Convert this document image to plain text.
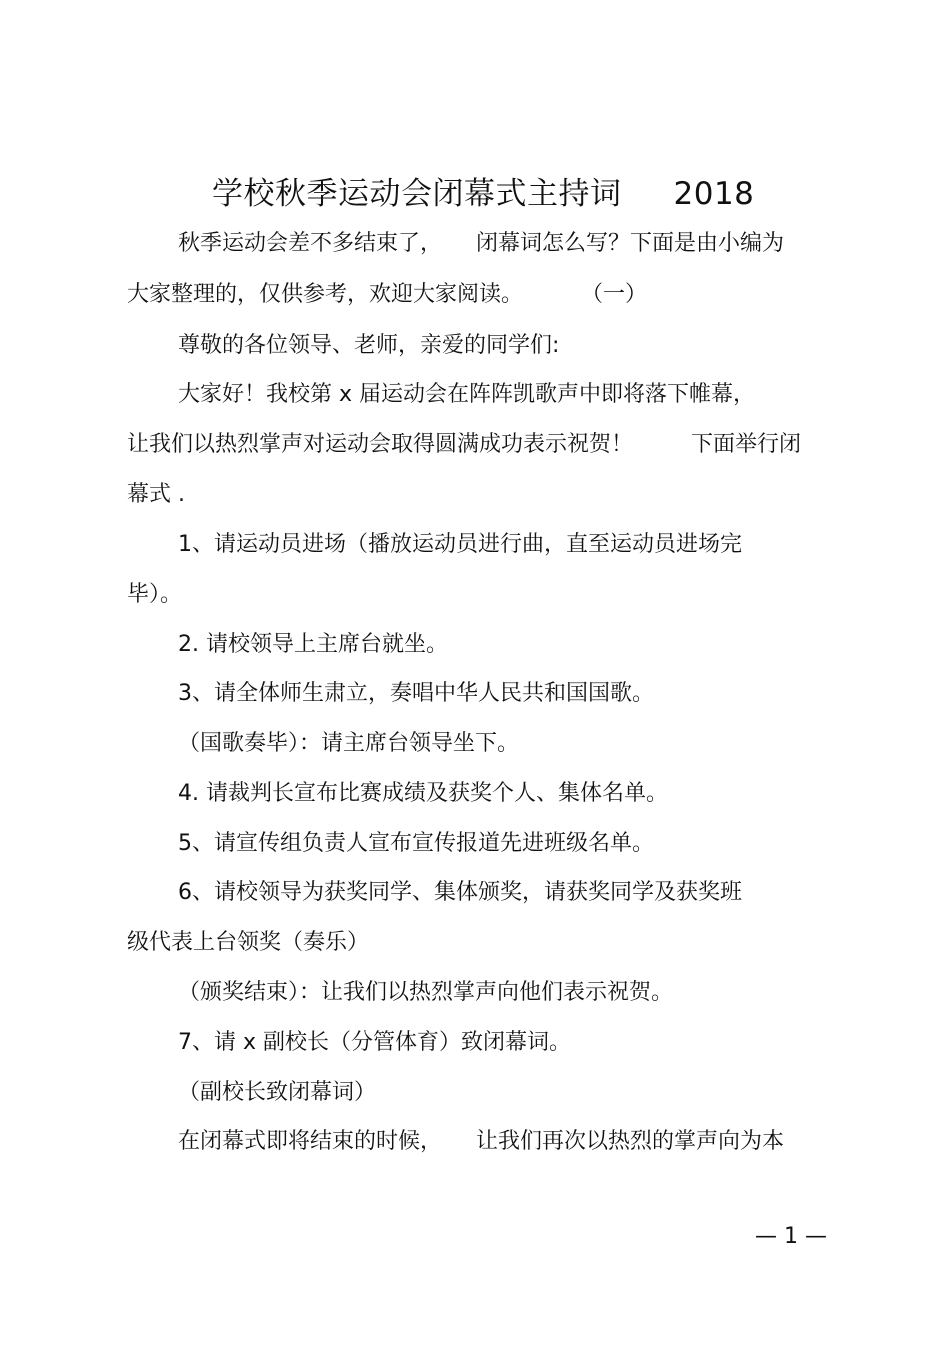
学校秋季运动会闭幕式主持词 2018
秋季运动会差不多结束了， 闭幕词怎么写？下面是由小编为
大家整理的，仅供参考，欢迎大家阅读。	（一）
尊敬的各位领导、老师，亲爱的同学们:
大家好！我校第 x 届运动会在阵阵凯歌声中即将落下帷幕，
让我们以热烈掌声对运动会取得圆满成功表示祝贺！	下面举行闭
幕式 .
1、请运动员进场（播放运动员进行曲，直至运动员进场完
毕）。
2. 请校领导上主席台就坐。
3、请全体师生肃立，奏唱中华人民共和国国歌。
（国歌奏毕）：请主席台领导坐下。
4. 请裁判长宣布比赛成绩及获奖个人、集体名单。
5、请宣传组负责人宣布宣传报道先进班级名单。
6、请校领导为获奖同学、集体颁奖，请获奖同学及获奖班
级代表上台领奖（奏乐）
（颁奖结束）：让我们以热烈掌声向他们表示祝贺。
7、请 x 副校长（分管体育）致闭幕词。
（副校长致闭幕词）
在闭幕式即将结束的时候， 让我们再次以热烈的掌声向为本
— 1 —
